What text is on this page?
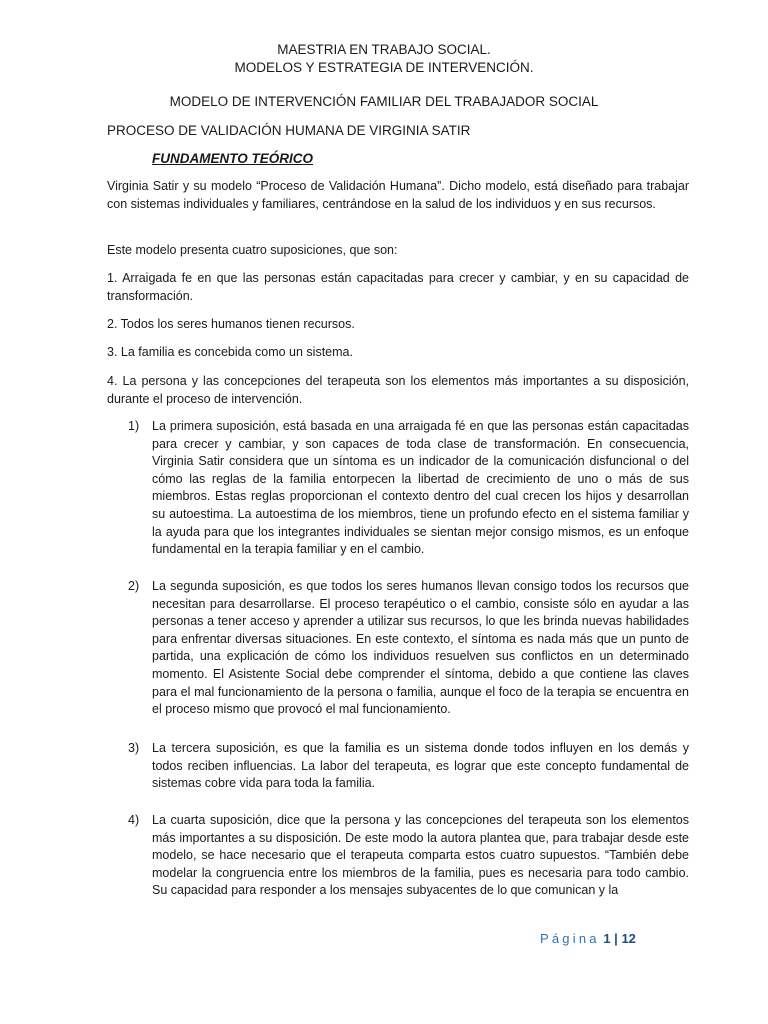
MAESTRIA EN TRABAJO SOCIAL.
MODELOS Y ESTRATEGIA DE INTERVENCIÓN.
MODELO DE INTERVENCIÓN FAMILIAR DEL TRABAJADOR SOCIAL
PROCESO DE VALIDACIÓN HUMANA DE VIRGINIA SATIR
FUNDAMENTO TEÓRICO

Virginia Satir y su modelo “Proceso de Validación Humana”. Dicho modelo, está diseñado para trabajar con sistemas individuales y familiares, centrándose en la salud de los individuos y en sus recursos.

Este modelo presenta cuatro suposiciones, que son:

1. Arraigada fe en que las personas están capacitadas para crecer y cambiar, y en su capacidad de transformación.

2. Todos los seres humanos tienen recursos.

3. La familia es concebida como un sistema.

4. La persona y las concepciones del terapeuta son los elementos más importantes a su disposición, durante el proceso de intervención.

1) La primera suposición, está basada en una arraigada fé en que las personas están capacitadas para crecer y cambiar, y son capaces de toda clase de transformación. En consecuencia, Virginia Satir considera que un síntoma es un indicador de la comunicación disfuncional o del cómo las reglas de la familia entorpecen la libertad de crecimiento de uno o más de sus miembros. Estas reglas proporcionan el contexto dentro del cual crecen los hijos y desarrollan su autoestima. La autoestima de los miembros, tiene un profundo efecto en el sistema familiar y la ayuda para que los integrantes individuales se sientan mejor consigo mismos, es un enfoque fundamental en la terapia familiar y en el cambio.

2) La segunda suposición, es que todos los seres humanos llevan consigo todos los recursos que necesitan para desarrollarse. El proceso terapéutico o el cambio, consiste sólo en ayudar a las personas a tener acceso y aprender a utilizar sus recursos, lo que les brinda nuevas habilidades para enfrentar diversas situaciones. En este contexto, el síntoma es nada más que un punto de partida, una explicación de cómo los individuos resuelven sus conflictos en un determinado momento. El Asistente Social debe comprender el síntoma, debido a que contiene las claves para el mal funcionamiento de la persona o familia, aunque el foco de la terapia se encuentra en el proceso mismo que provocó el mal funcionamiento.

3) La tercera suposición, es que la familia es un sistema donde todos influyen en los demás y todos reciben influencias. La labor del terapeuta, es lograr que este concepto fundamental de sistemas cobre vida para toda la familia.

4) La cuarta suposición, dice que la persona y las concepciones del terapeuta son los elementos más importantes a su disposición. De este modo la autora plantea que, para trabajar desde este modelo, se hace necesario que el terapeuta comparta estos cuatro supuestos. “También debe modelar la congruencia entre los miembros de la familia, pues es necesaria para todo cambio. Su capacidad para responder a los mensajes subyacentes de lo que comunican y la

Página 1 | 12
